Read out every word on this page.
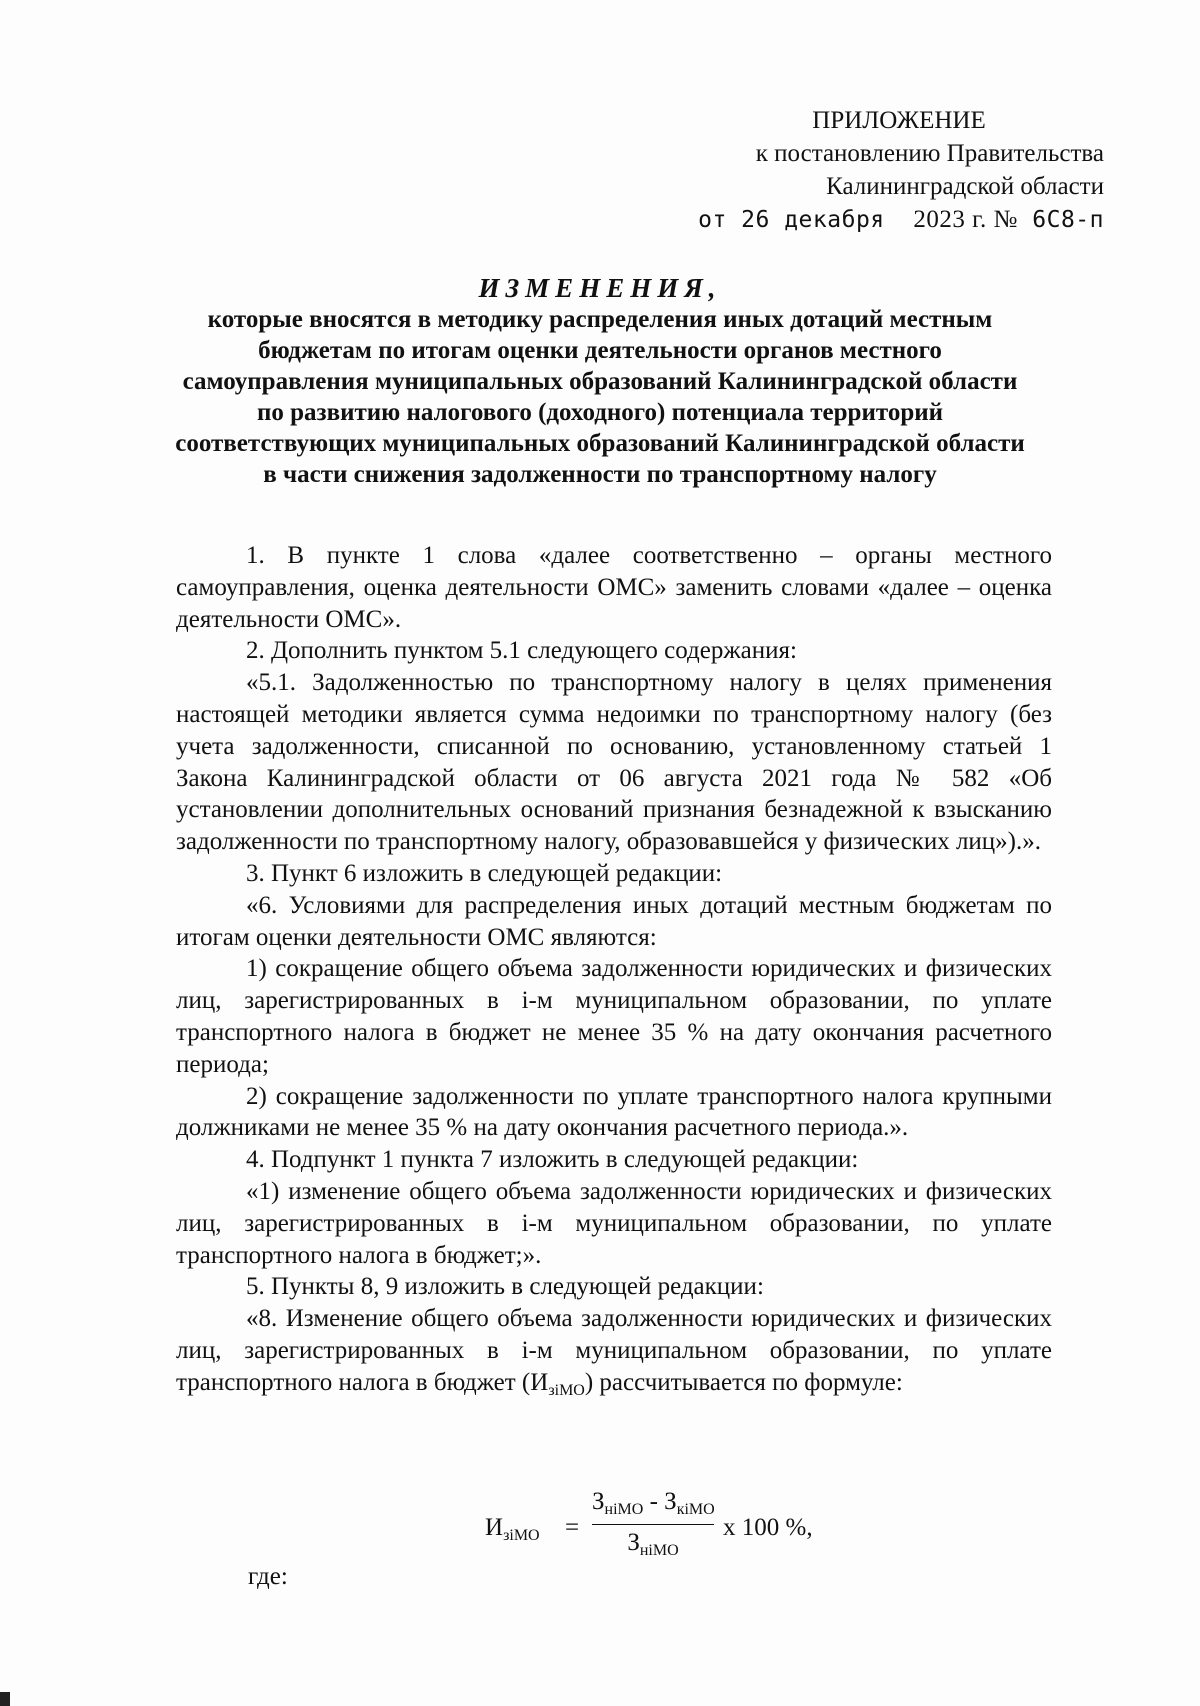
ПРИЛОЖЕНИЕ
к постановлению Правительства
Калининградской области
от 26 декабря 2023 г. № 6С8-п
ИЗМЕНЕНИЯ,
которые вносятся в методику распределения иных дотаций местным
бюджетам по итогам оценки деятельности органов местного
самоуправления муниципальных образований Калининградской области
по развитию налогового (доходного) потенциала территорий
соответствующих муниципальных образований Калининградской области
в части снижения задолженности по транспортному налогу

1. В пункте 1 слова «далее соответственно – органы местного самоуправления, оценка деятельности ОМС» заменить словами «далее – оценка деятельности ОМС».

2. Дополнить пунктом 5.1 следующего содержания:

«5.1. Задолженностью по транспортному налогу в целях применения настоящей методики является сумма недоимки по транспортному налогу (без учета задолженности, списанной по основанию, установленному статьей 1 Закона Калининградской области от 06 августа 2021 года № 582 «Об установлении дополнительных оснований признания безнадежной к взысканию задолженности по транспортному налогу, образовавшейся у физических лиц»).».

3. Пункт 6 изложить в следующей редакции:

«6. Условиями для распределения иных дотаций местным бюджетам по итогам оценки деятельности ОМС являются:

1) сокращение общего объема задолженности юридических и физических лиц, зарегистрированных в i-м муниципальном образовании, по уплате транспортного налога в бюджет не менее 35 % на дату окончания расчетного периода;

2) сокращение задолженности по уплате транспортного налога крупными должниками не менее 35 % на дату окончания расчетного периода.».

4. Подпункт 1 пункта 7 изложить в следующей редакции:

«1) изменение общего объема задолженности юридических и физических лиц, зарегистрированных в i-м муниципальном образовании, по уплате транспортного налога в бюджет;».

5. Пункты 8, 9 изложить в следующей редакции:

«8. Изменение общего объема задолженности юридических и физических лиц, зарегистрированных в i-м муниципальном образовании, по уплате транспортного налога в бюджет $(И_{зiМО})$ рассчитывается по формуле:

$И_{зiМО}$ =
$З_{нiМО} - З_{кiМО}$
$З_{нiМО}$
x 100 %,
где:
